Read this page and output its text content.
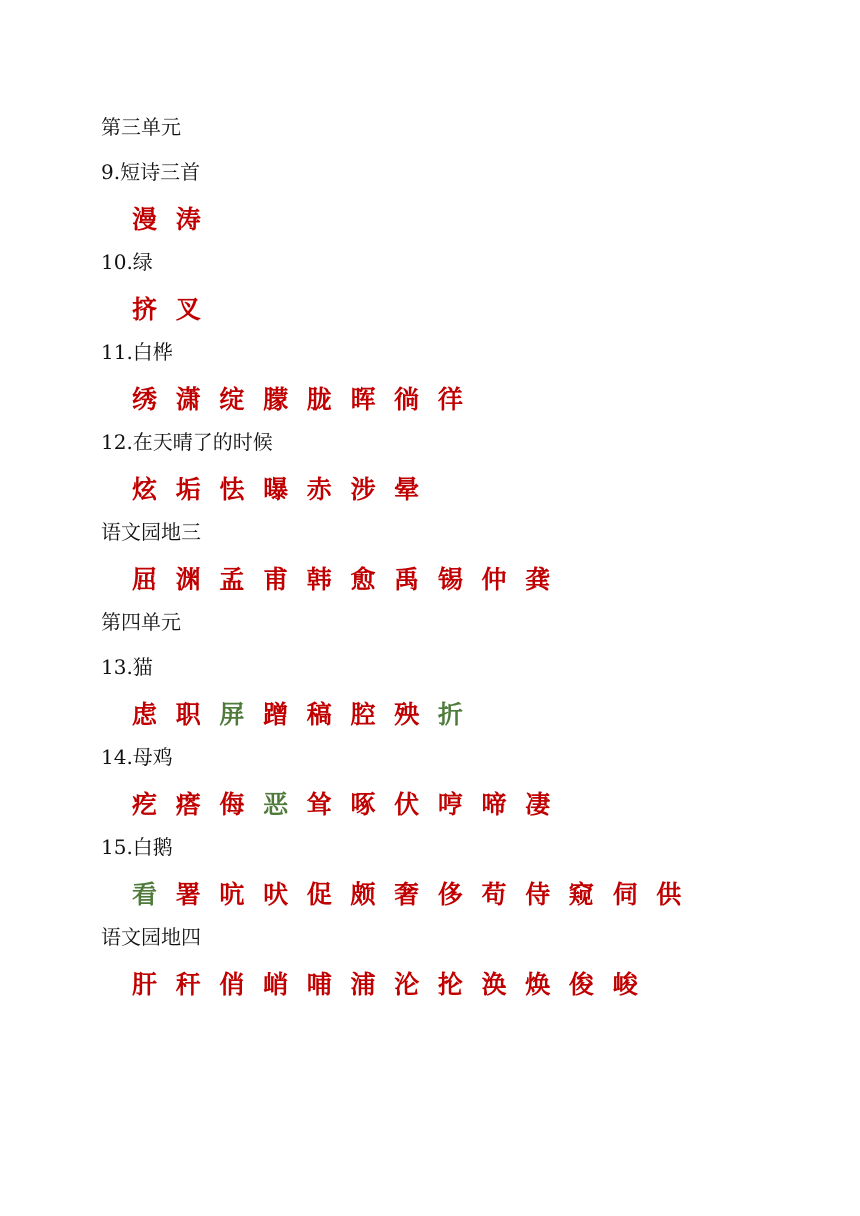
第三单元
9.短诗三首
漫 涛
10.绿
挤 叉
11.白桦
绣 潇 绽 朦 胧 晖 徜 徉
12.在天晴了的时候
炫 垢 怯 曝 赤 涉 晕
语文园地三
屈 渊 孟 甫 韩 愈 禹 锡 仲 龚
第四单元
13.猫
虑 职 屏 蹭 稿 腔 殃 折
14.母鸡
疙 瘩 侮 恶 耸 啄 伏 哼 啼 凄
15.白鹅
看 署 吭 吠 促 颇 奢 侈 苟 侍 窥 伺 供
语文园地四
肝 秆 俏 峭 哺 浦 沦 抡 涣 焕 俊 峻
